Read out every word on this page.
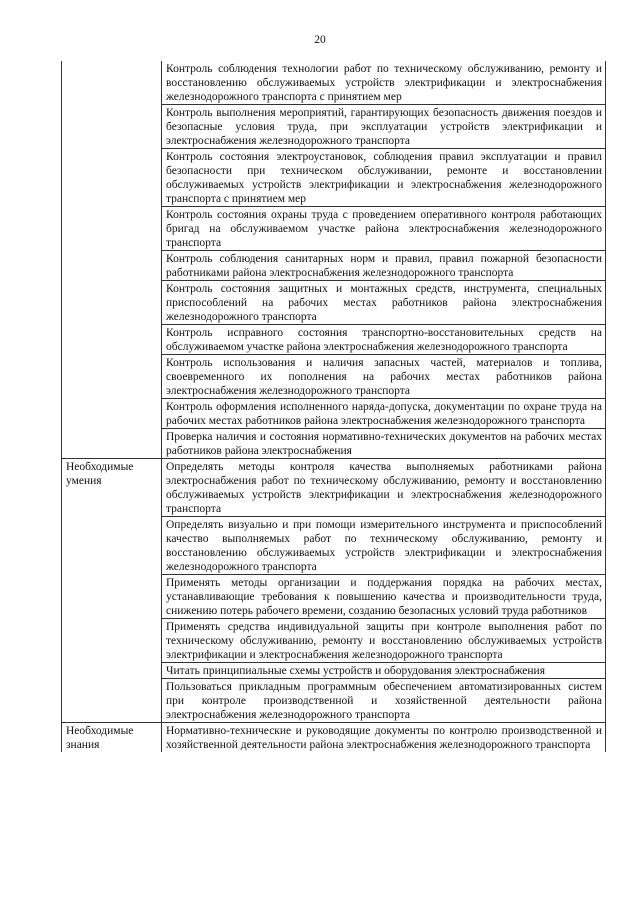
20
	Контроль соблюдения технологии работ по техническому обслуживанию, ремонту и восстановлению обслуживаемых устройств электрификации и электроснабжения железнодорожного транспорта с принятием мер
	Контроль выполнения мероприятий, гарантирующих безопасность движения поездов и безопасные условия труда, при эксплуатации устройств электрификации и электроснабжения железнодорожного транспорта
	Контроль состояния электроустановок, соблюдения правил эксплуатации и правил безопасности при техническом обслуживании, ремонте и восстановлении обслуживаемых устройств электрификации и электроснабжения железнодорожного транспорта с принятием мер
	Контроль состояния охраны труда с проведением оперативного контроля работающих бригад на обслуживаемом участке района электроснабжения железнодорожного транспорта
	Контроль соблюдения санитарных норм и правил, правил пожарной безопасности работниками района электроснабжения железнодорожного транспорта
	Контроль состояния защитных и монтажных средств, инструмента, специальных приспособлений на рабочих местах работников района электроснабжения железнодорожного транспорта
	Контроль исправного состояния транспортно-восстановительных средств на обслуживаемом участке района электроснабжения железнодорожного транспорта
	Контроль использования и наличия запасных частей, материалов и топлива, своевременного их пополнения на рабочих местах работников района электроснабжения железнодорожного транспорта
	Контроль оформления исполненного наряда-допуска, документации по охране труда на рабочих местах работников района электроснабжения железнодорожного транспорта
	Проверка наличия и состояния нормативно-технических документов на рабочих местах работников района электроснабжения
Необходимые умения	Определять методы контроля качества выполняемых работниками района электроснабжения работ по техническому обслуживанию, ремонту и восстановлению обслуживаемых устройств электрификации и электроснабжения железнодорожного транспорта
	Определять визуально и при помощи измерительного инструмента и приспособлений качество выполняемых работ по техническому обслуживанию, ремонту и восстановлению обслуживаемых устройств электрификации и электроснабжения железнодорожного транспорта
	Применять методы организации и поддержания порядка на рабочих местах, устанавливающие требования к повышению качества и производительности труда, снижению потерь рабочего времени, созданию безопасных условий труда работников
	Применять средства индивидуальной защиты при контроле выполнения работ по техническому обслуживанию, ремонту и восстановлению обслуживаемых устройств электрификации и электроснабжения железнодорожного транспорта
	Читать принципиальные схемы устройств и оборудования электроснабжения
	Пользоваться прикладным программным обеспечением автоматизированных систем при контроле производственной и хозяйственной деятельности района электроснабжения железнодорожного транспорта
Необходимые знания	Нормативно-технические и руководящие документы по контролю производственной и хозяйственной деятельности района электроснабжения железнодорожного транспорта
